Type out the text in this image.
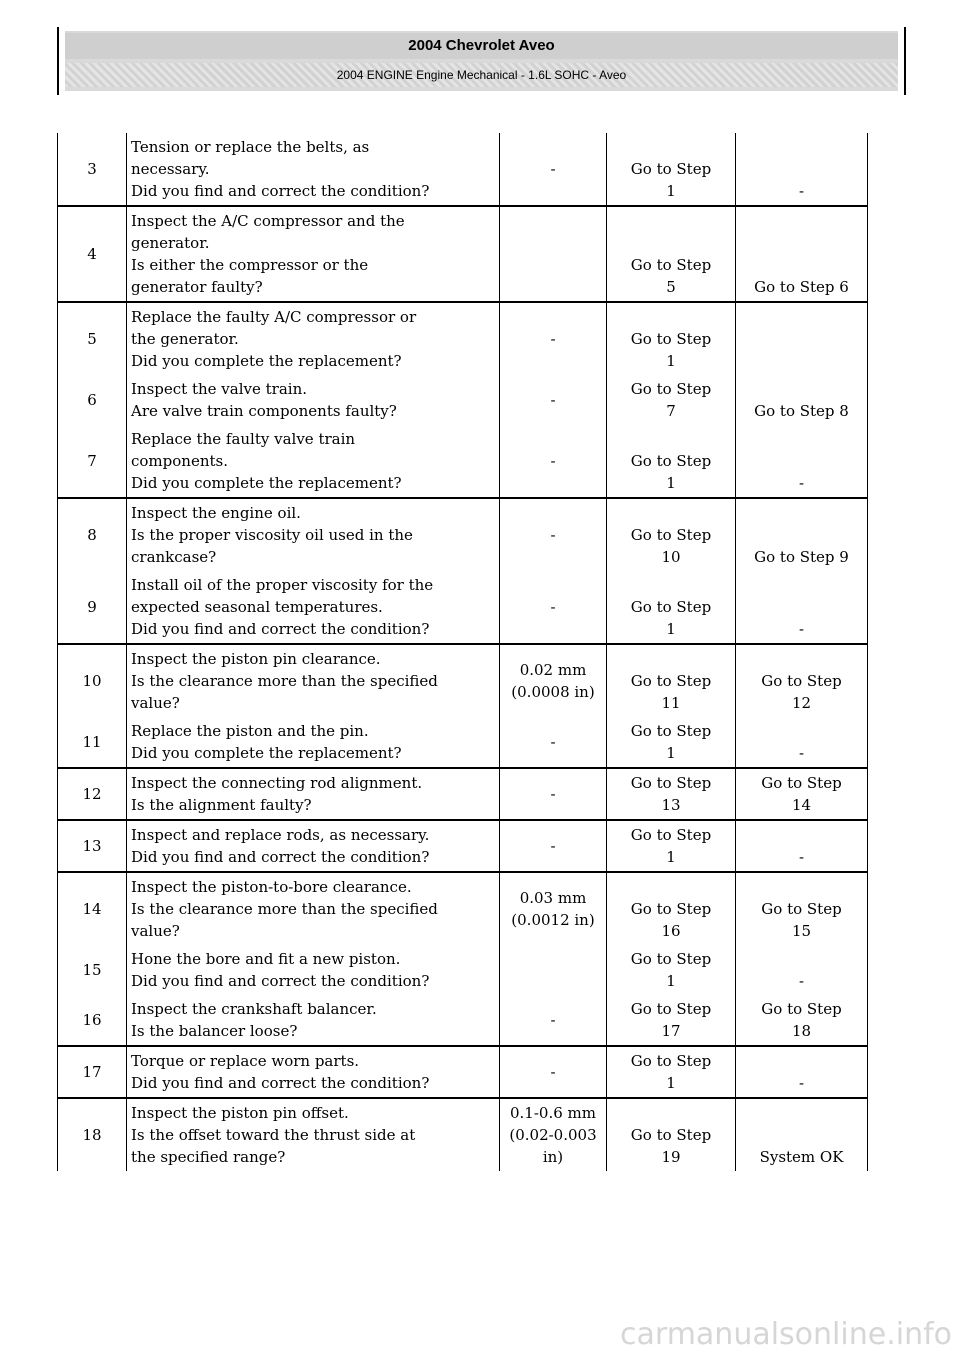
2004 Chevrolet Aveo
2004 ENGINE Engine Mechanical - 1.6L SOHC - Aveo
3	Tension or replace the belts, as
necessary.
Did you find and correct the condition?	-	Go to Step
1	-

4	Inspect the A/C compressor and the
generator.
Is either the compressor or the
generator faulty?		Go to Step
5	Go to Step 6

5	Replace the faulty A/C compressor or
the generator.
Did you complete the replacement?	-	Go to Step
1	

6	Inspect the valve train.
Are valve train components faulty?	-	Go to Step
7	Go to Step 8

7	Replace the faulty valve train
components.
Did you complete the replacement?	-	Go to Step
1	-

8	Inspect the engine oil.
Is the proper viscosity oil used in the
crankcase?	-	Go to Step
10	Go to Step 9

9	Install oil of the proper viscosity for the
expected seasonal temperatures.
Did you find and correct the condition?	-	Go to Step
1	-

10	Inspect the piston pin clearance.
Is the clearance more than the specified
value?	0.02 mm
(0.0008 in)	Go to Step
11	Go to Step
12

11	Replace the piston and the pin.
Did you complete the replacement?	-	Go to Step
1	-

12	Inspect the connecting rod alignment.
Is the alignment faulty?	-	Go to Step
13	Go to Step
14

13	Inspect and replace rods, as necessary.
Did you find and correct the condition?	-	Go to Step
1	-

14	Inspect the piston-to-bore clearance.
Is the clearance more than the specified
value?	0.03 mm
(0.0012 in)	Go to Step
16	Go to Step
15

15	Hone the bore and fit a new piston.
Did you find and correct the condition?		Go to Step
1	-

16	Inspect the crankshaft balancer.
Is the balancer loose?	-	Go to Step
17	Go to Step
18

17	Torque or replace worn parts.
Did you find and correct the condition?	-	Go to Step
1	-

18	Inspect the piston pin offset.
Is the offset toward the thrust side at
the specified range?	0.1-0.6 mm
(0.02-0.003
in)	Go to Step
19	System OK
carmanualsonline.info
